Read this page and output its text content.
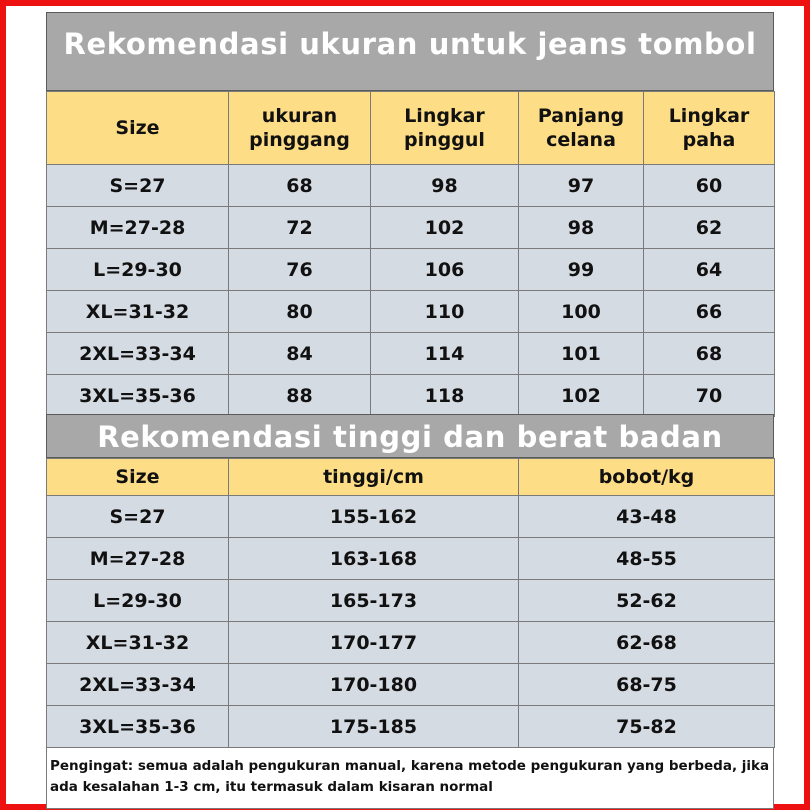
Rekomendasi ukuran untuk jeans tombol
Size	ukuran pinggang	Lingkar pinggul	Panjang celana	Lingkar paha
S=27	68	98	97	60
M=27-28	72	102	98	62
L=29-30	76	106	99	64
XL=31-32	80	110	100	66
2XL=33-34	84	114	101	68
3XL=35-36	88	118	102	70
Rekomendasi tinggi dan berat badan
Size	tinggi/cm	bobot/kg
S=27	155-162	43-48
M=27-28	163-168	48-55
L=29-30	165-173	52-62
XL=31-32	170-177	62-68
2XL=33-34	170-180	68-75
3XL=35-36	175-185	75-82
Pengingat: semua adalah pengukuran manual, karena metode pengukuran yang berbeda, jika ada kesalahan 1-3 cm, itu termasuk dalam kisaran normal
